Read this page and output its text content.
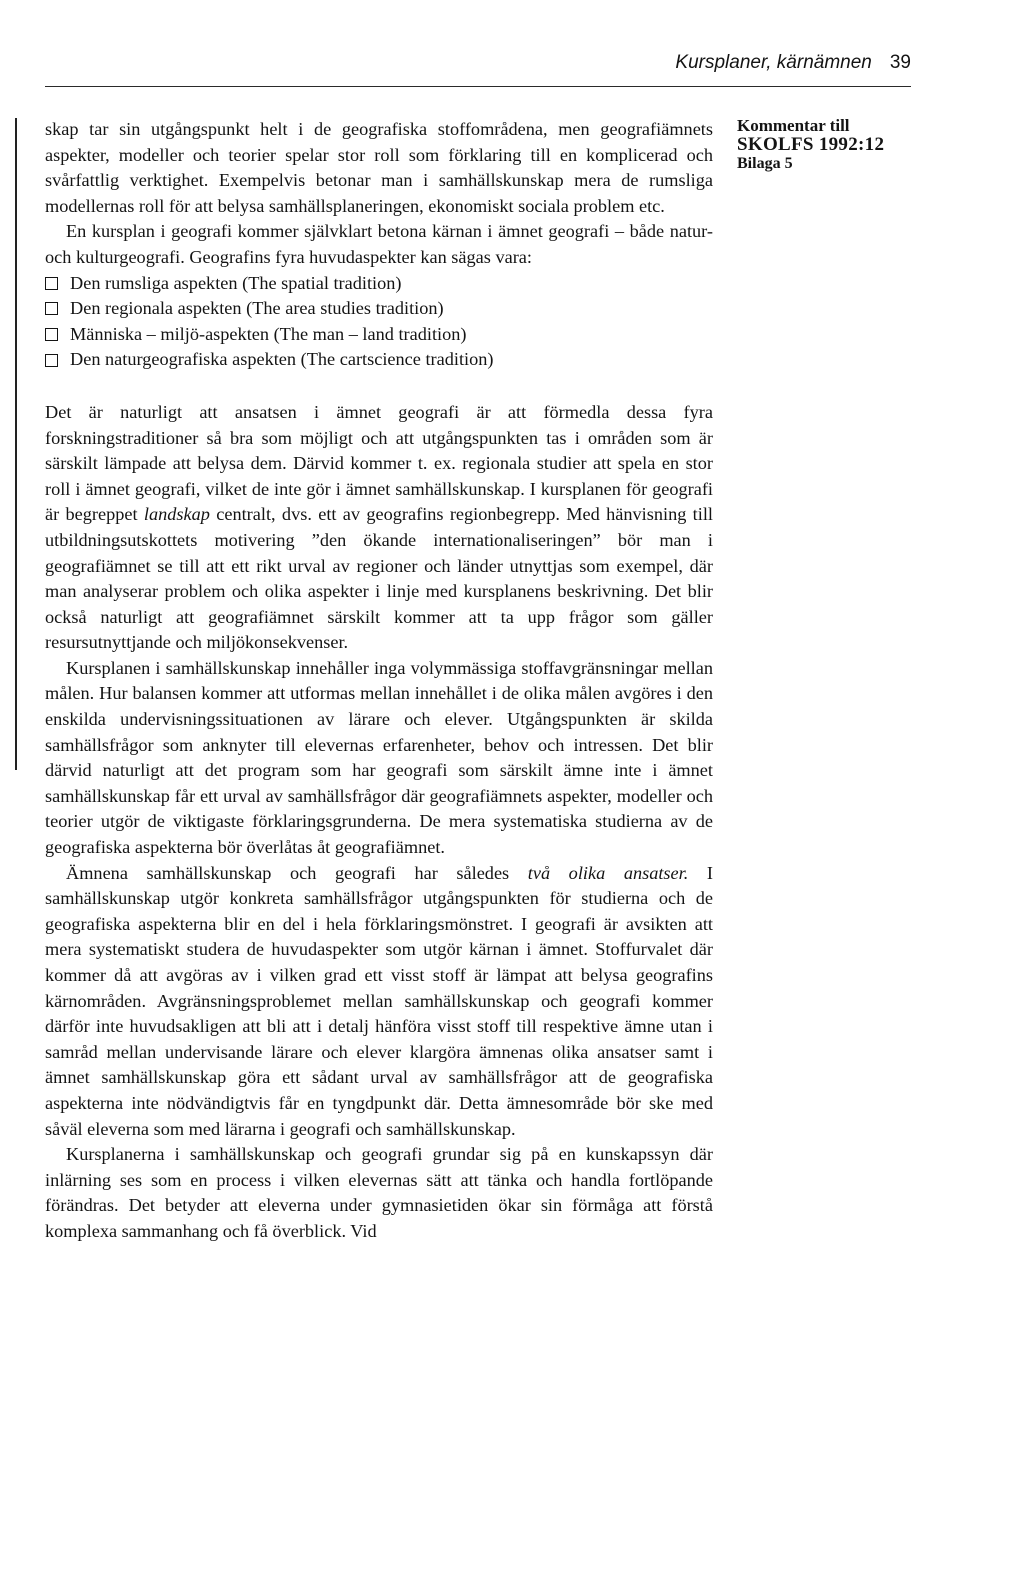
Kursplaner, kärnämnen 39
Kommentar till
SKOLFS 1992:12
Bilaga 5

skap tar sin utgångspunkt helt i de geografiska stoffområdena, men geografiämnets aspekter, modeller och teorier spelar stor roll som förklaring till en komplicerad och svårfattlig verktighet. Exempelvis betonar man i samhällskunskap mera de rumsliga modellernas roll för att belysa samhällsplaneringen, ekonomiskt sociala problem etc.

En kursplan i geografi kommer självklart betona kärnan i ämnet geografi – både natur- och kulturgeografi. Geografins fyra huvudaspekter kan sägas vara:

Den rumsliga aspekten (The spatial tradition)
Den regionala aspekten (The area studies tradition)
Människa – miljö-aspekten (The man – land tradition)
Den naturgeografiska aspekten (The cartscience tradition)

Det är naturligt att ansatsen i ämnet geografi är att förmedla dessa fyra forskningstraditioner så bra som möjligt och att utgångspunkten tas i områden som är särskilt lämpade att belysa dem. Därvid kommer t. ex. regionala studier att spela en stor roll i ämnet geografi, vilket de inte gör i ämnet samhällskunskap. I kursplanen för geografi är begreppet landskap centralt, dvs. ett av geografins regionbegrepp. Med hänvisning till utbildningsutskottets motivering ”den ökande internationaliseringen” bör man i geografiämnet se till att ett rikt urval av regioner och länder utnyttjas som exempel, där man analyserar problem och olika aspekter i linje med kursplanens beskrivning. Det blir också naturligt att geografiämnet särskilt kommer att ta upp frågor som gäller resursutnyttjande och miljökonsekvenser.

Kursplanen i samhällskunskap innehåller inga volymmässiga stoffavgränsningar mellan målen. Hur balansen kommer att utformas mellan innehållet i de olika målen avgöres i den enskilda undervisningssituationen av lärare och elever. Utgångspunkten är skilda samhällsfrågor som anknyter till elevernas erfarenheter, behov och intressen. Det blir därvid naturligt att det program som har geografi som särskilt ämne inte i ämnet samhällskunskap får ett urval av samhällsfrågor där geografiämnets aspekter, modeller och teorier utgör de viktigaste förklaringsgrunderna. De mera systematiska studierna av de geografiska aspekterna bör överlåtas åt geografiämnet.

Ämnena samhällskunskap och geografi har således två olika ansatser. I samhällskunskap utgör konkreta samhällsfrågor utgångspunkten för studierna och de geografiska aspekterna blir en del i hela förklaringsmönstret. I geografi är avsikten att mera systematiskt studera de huvudaspekter som utgör kärnan i ämnet. Stoffurvalet där kommer då att avgöras av i vilken grad ett visst stoff är lämpat att belysa geografins kärnområden. Avgränsningsproblemet mellan samhällskunskap och geografi kommer därför inte huvudsakligen att bli att i detalj hänföra visst stoff till respektive ämne utan i samråd mellan undervisande lärare och elever klargöra ämnenas olika ansatser samt i ämnet samhällskunskap göra ett sådant urval av samhällsfrågor att de geografiska aspekterna inte nödvändigtvis får en tyngdpunkt där. Detta ämnesområde bör ske med såväl eleverna som med lärarna i geografi och samhällskunskap.

Kursplanerna i samhällskunskap och geografi grundar sig på en kunskapssyn där inlärning ses som en process i vilken elevernas sätt att tänka och handla fortlöpande förändras. Det betyder att eleverna under gymnasietiden ökar sin förmåga att förstå komplexa sammanhang och få överblick. Vid
